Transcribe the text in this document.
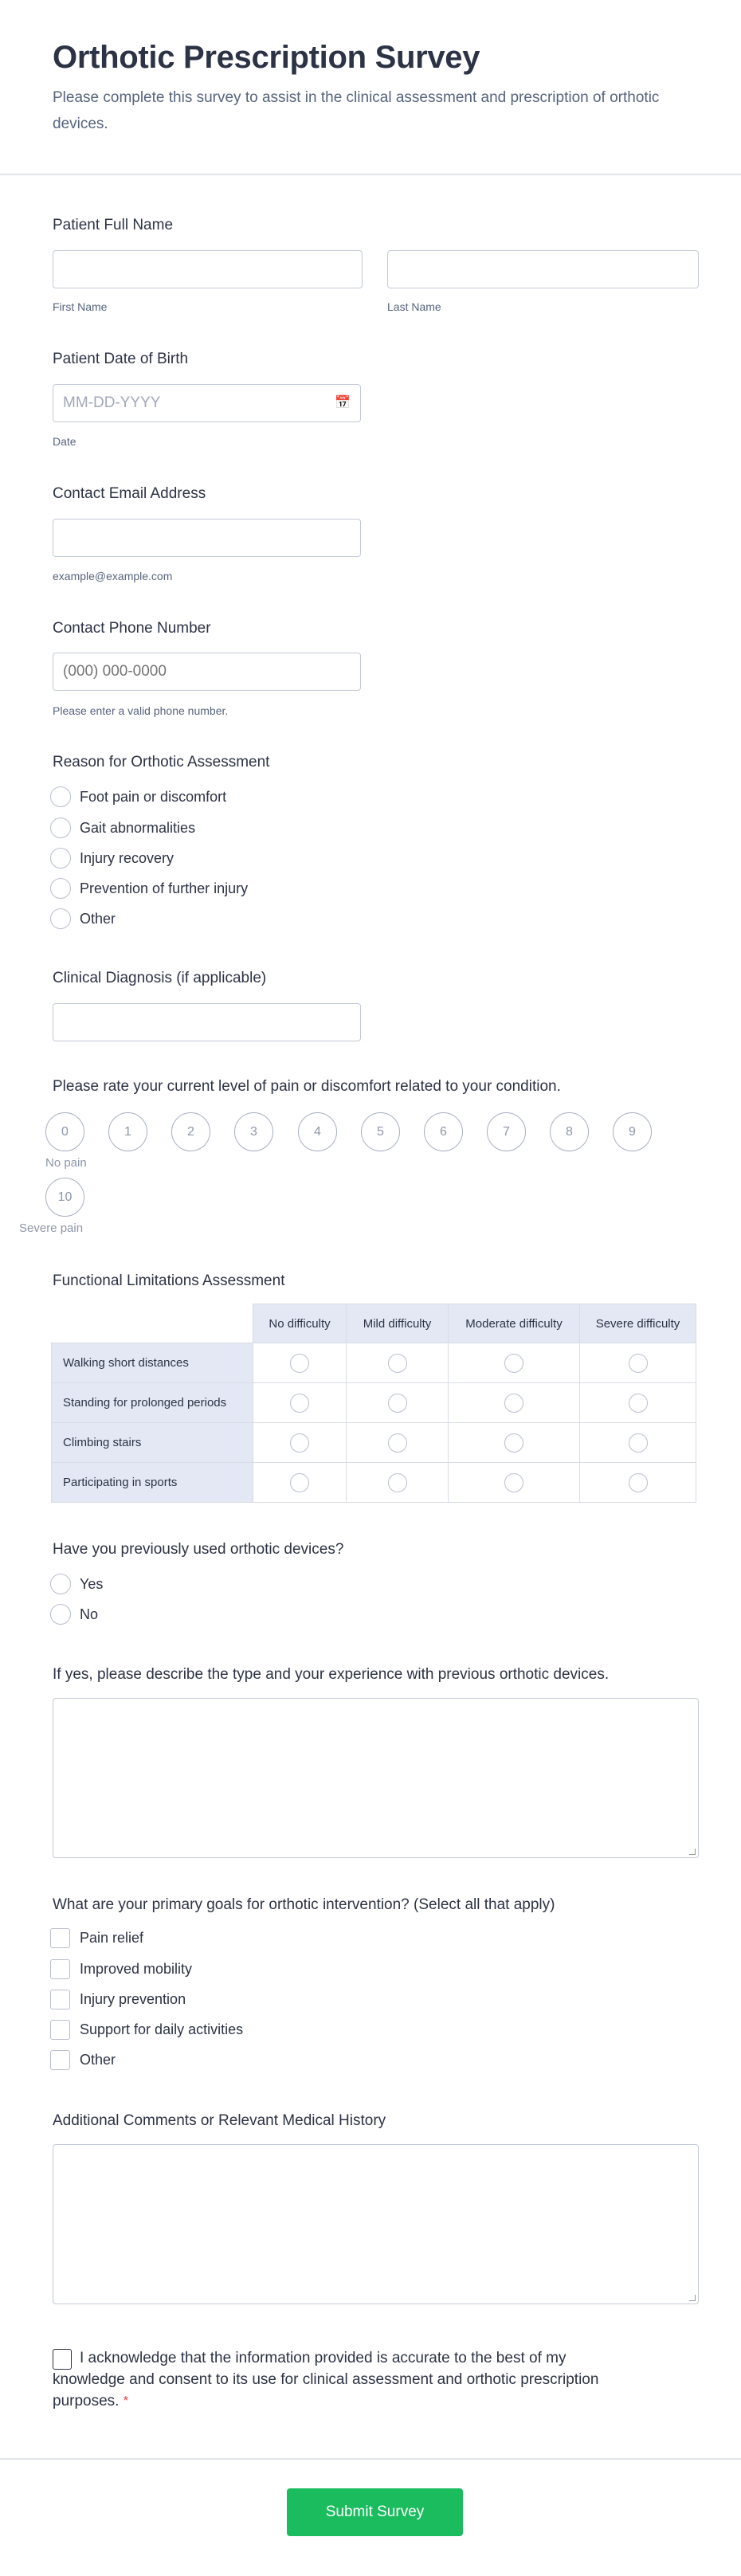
Orthotic Prescription Survey
Please complete this survey to assist in the clinical assessment and prescription of orthotic devices.
Patient Full Name
First Name	Last Name
Patient Date of Birth
MM-DD-YYYY	📅
Date
Contact Email Address
example@example.com
Contact Phone Number
(000) 000-0000
Please enter a valid phone number.
Reason for Orthotic Assessment
Foot pain or discomfort
Gait abnormalities
Injury recovery
Prevention of further injury
Other
Clinical Diagnosis (if applicable)
Please rate your current level of pain or discomfort related to your condition.
0	1	2	3	4	5	6	7	8	9
No pain
10
Severe pain
Functional Limitations Assessment
	No difficulty	Mild difficulty	Moderate difficulty	Severe difficulty
Walking short distances				
Standing for prolonged periods				
Climbing stairs				
Participating in sports				
Have you previously used orthotic devices?
Yes
No
If yes, please describe the type and your experience with previous orthotic devices.
What are your primary goals for orthotic intervention? (Select all that apply)
Pain relief
Improved mobility
Injury prevention
Support for daily activities
Other
Additional Comments or Relevant Medical History
I acknowledge that the information provided is accurate to the best of my knowledge and consent to its use for clinical assessment and orthotic prescription purposes. *
Submit Survey
